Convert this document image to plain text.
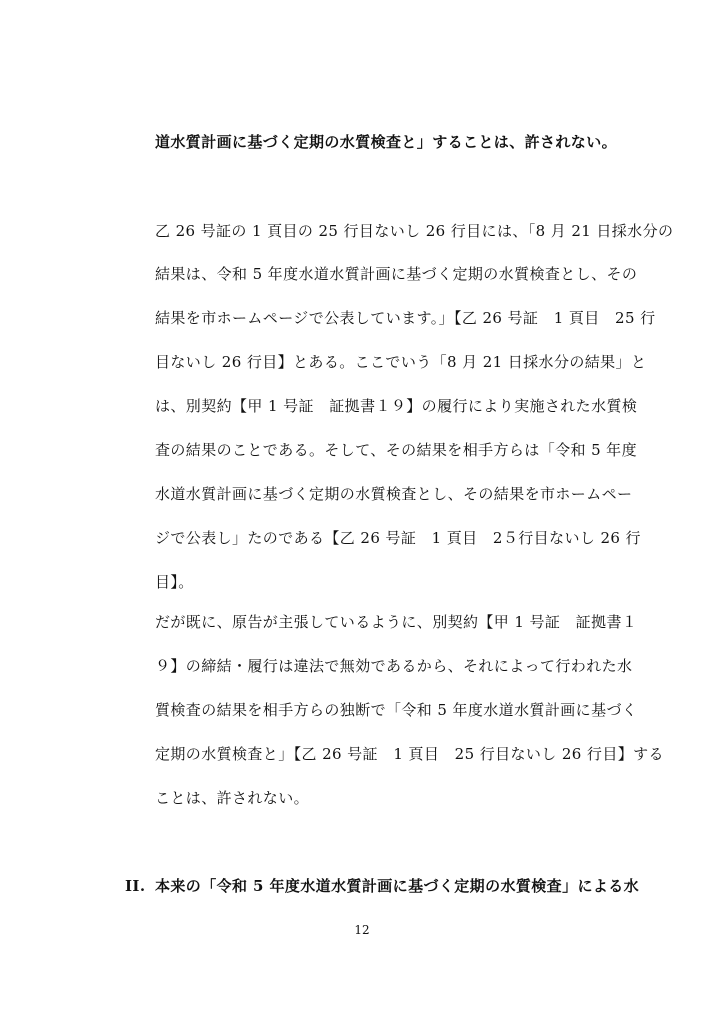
道水質計画に基づく定期の水質検査と」することは、許されない。
乙 26 号証の 1 頁目の 25 行目ないし 26 行目には、「8 月 21 日採水分の
結果は、令和 5 年度水道水質計画に基づく定期の水質検査とし、その
結果を市ホームページで公表しています。」【乙 26 号証　1 頁目　25 行
目ないし 26 行目】とある。ここでいう「8 月 21 日採水分の結果」と
は、別契約【甲 1 号証　証拠書１９】の履行により実施された水質検
査の結果のことである。そして、その結果を相手方らは「令和 5 年度
水道水質計画に基づく定期の水質検査とし、その結果を市ホームペー
ジで公表し」たのである【乙 26 号証　1 頁目　2５行目ないし 26 行
目】。
だが既に、原告が主張しているように、別契約【甲 1 号証　証拠書１
９】の締結・履行は違法で無効であるから、それによって行われた水
質検査の結果を相手方らの独断で「令和 5 年度水道水質計画に基づく
定期の水質検査と」【乙 26 号証　1 頁目　25 行目ないし 26 行目】する
ことは、許されない。
II. 本来の「令和 5 年度水道水質計画に基づく定期の水質検査」による水
12
